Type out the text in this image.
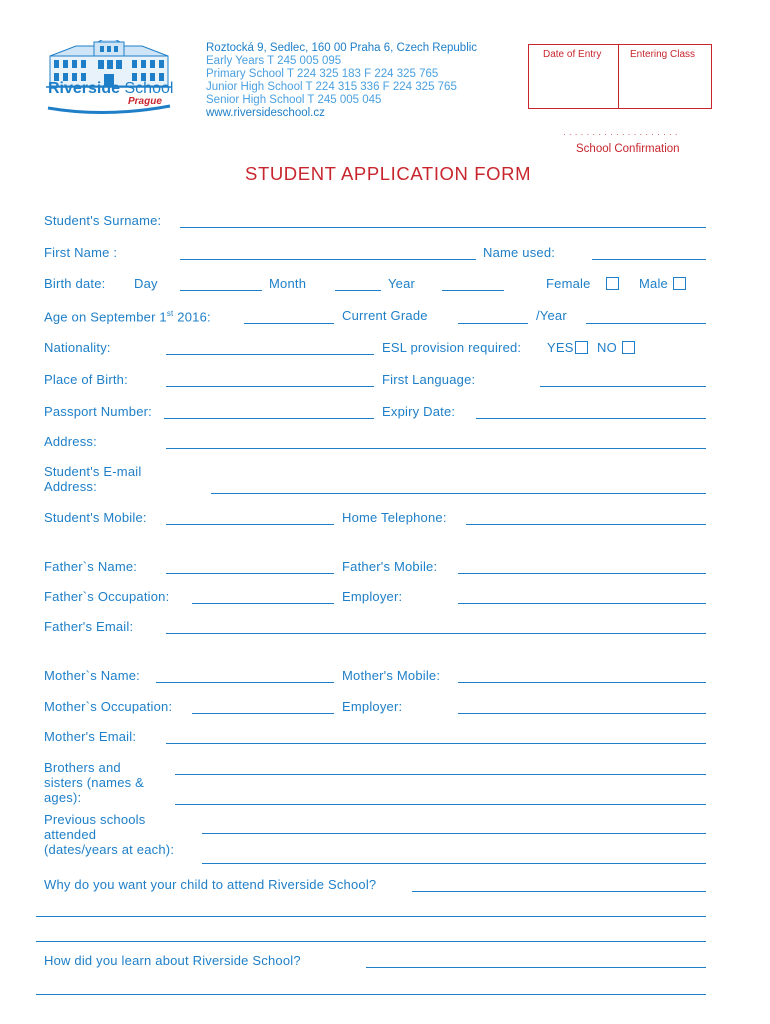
Riverside School
Prague
Roztocká 9, Sedlec, 160 00 Praha 6, Czech Republic
Early Years T 245 005 095
Primary School T 224 325 183 F 224 325 765
Junior High School T 224 315 336 F 224 325 765
Senior High School T 245 005 045
www.riversideschool.cz
Date of Entry	Entering Class
· · · · · · · · · · · · · · · · · · · ·
School Confirmation
STUDENT APPLICATION FORM
Student's Surname:
First Name :	Name used:
Birth date: Day	Month	Year	Female	Male
Age on September 1st 2016:	Current Grade	/Year
Nationality:	ESL provision required: YES NO
Place of Birth:	First Language:
Passport Number:	Expiry Date:
Address:
Student's E-mail
Address:
Student's Mobile:	Home Telephone:
Father`s Name:	Father's Mobile:
Father`s Occupation:	Employer:
Father's Email:
Mother`s Name:	Mother's Mobile:
Mother`s Occupation:	Employer:
Mother's Email:
Brothers and
sisters (names &
ages):
Previous schools
attended
(dates/years at each):
Why do you want your child to attend Riverside School?
How did you learn about Riverside School?
